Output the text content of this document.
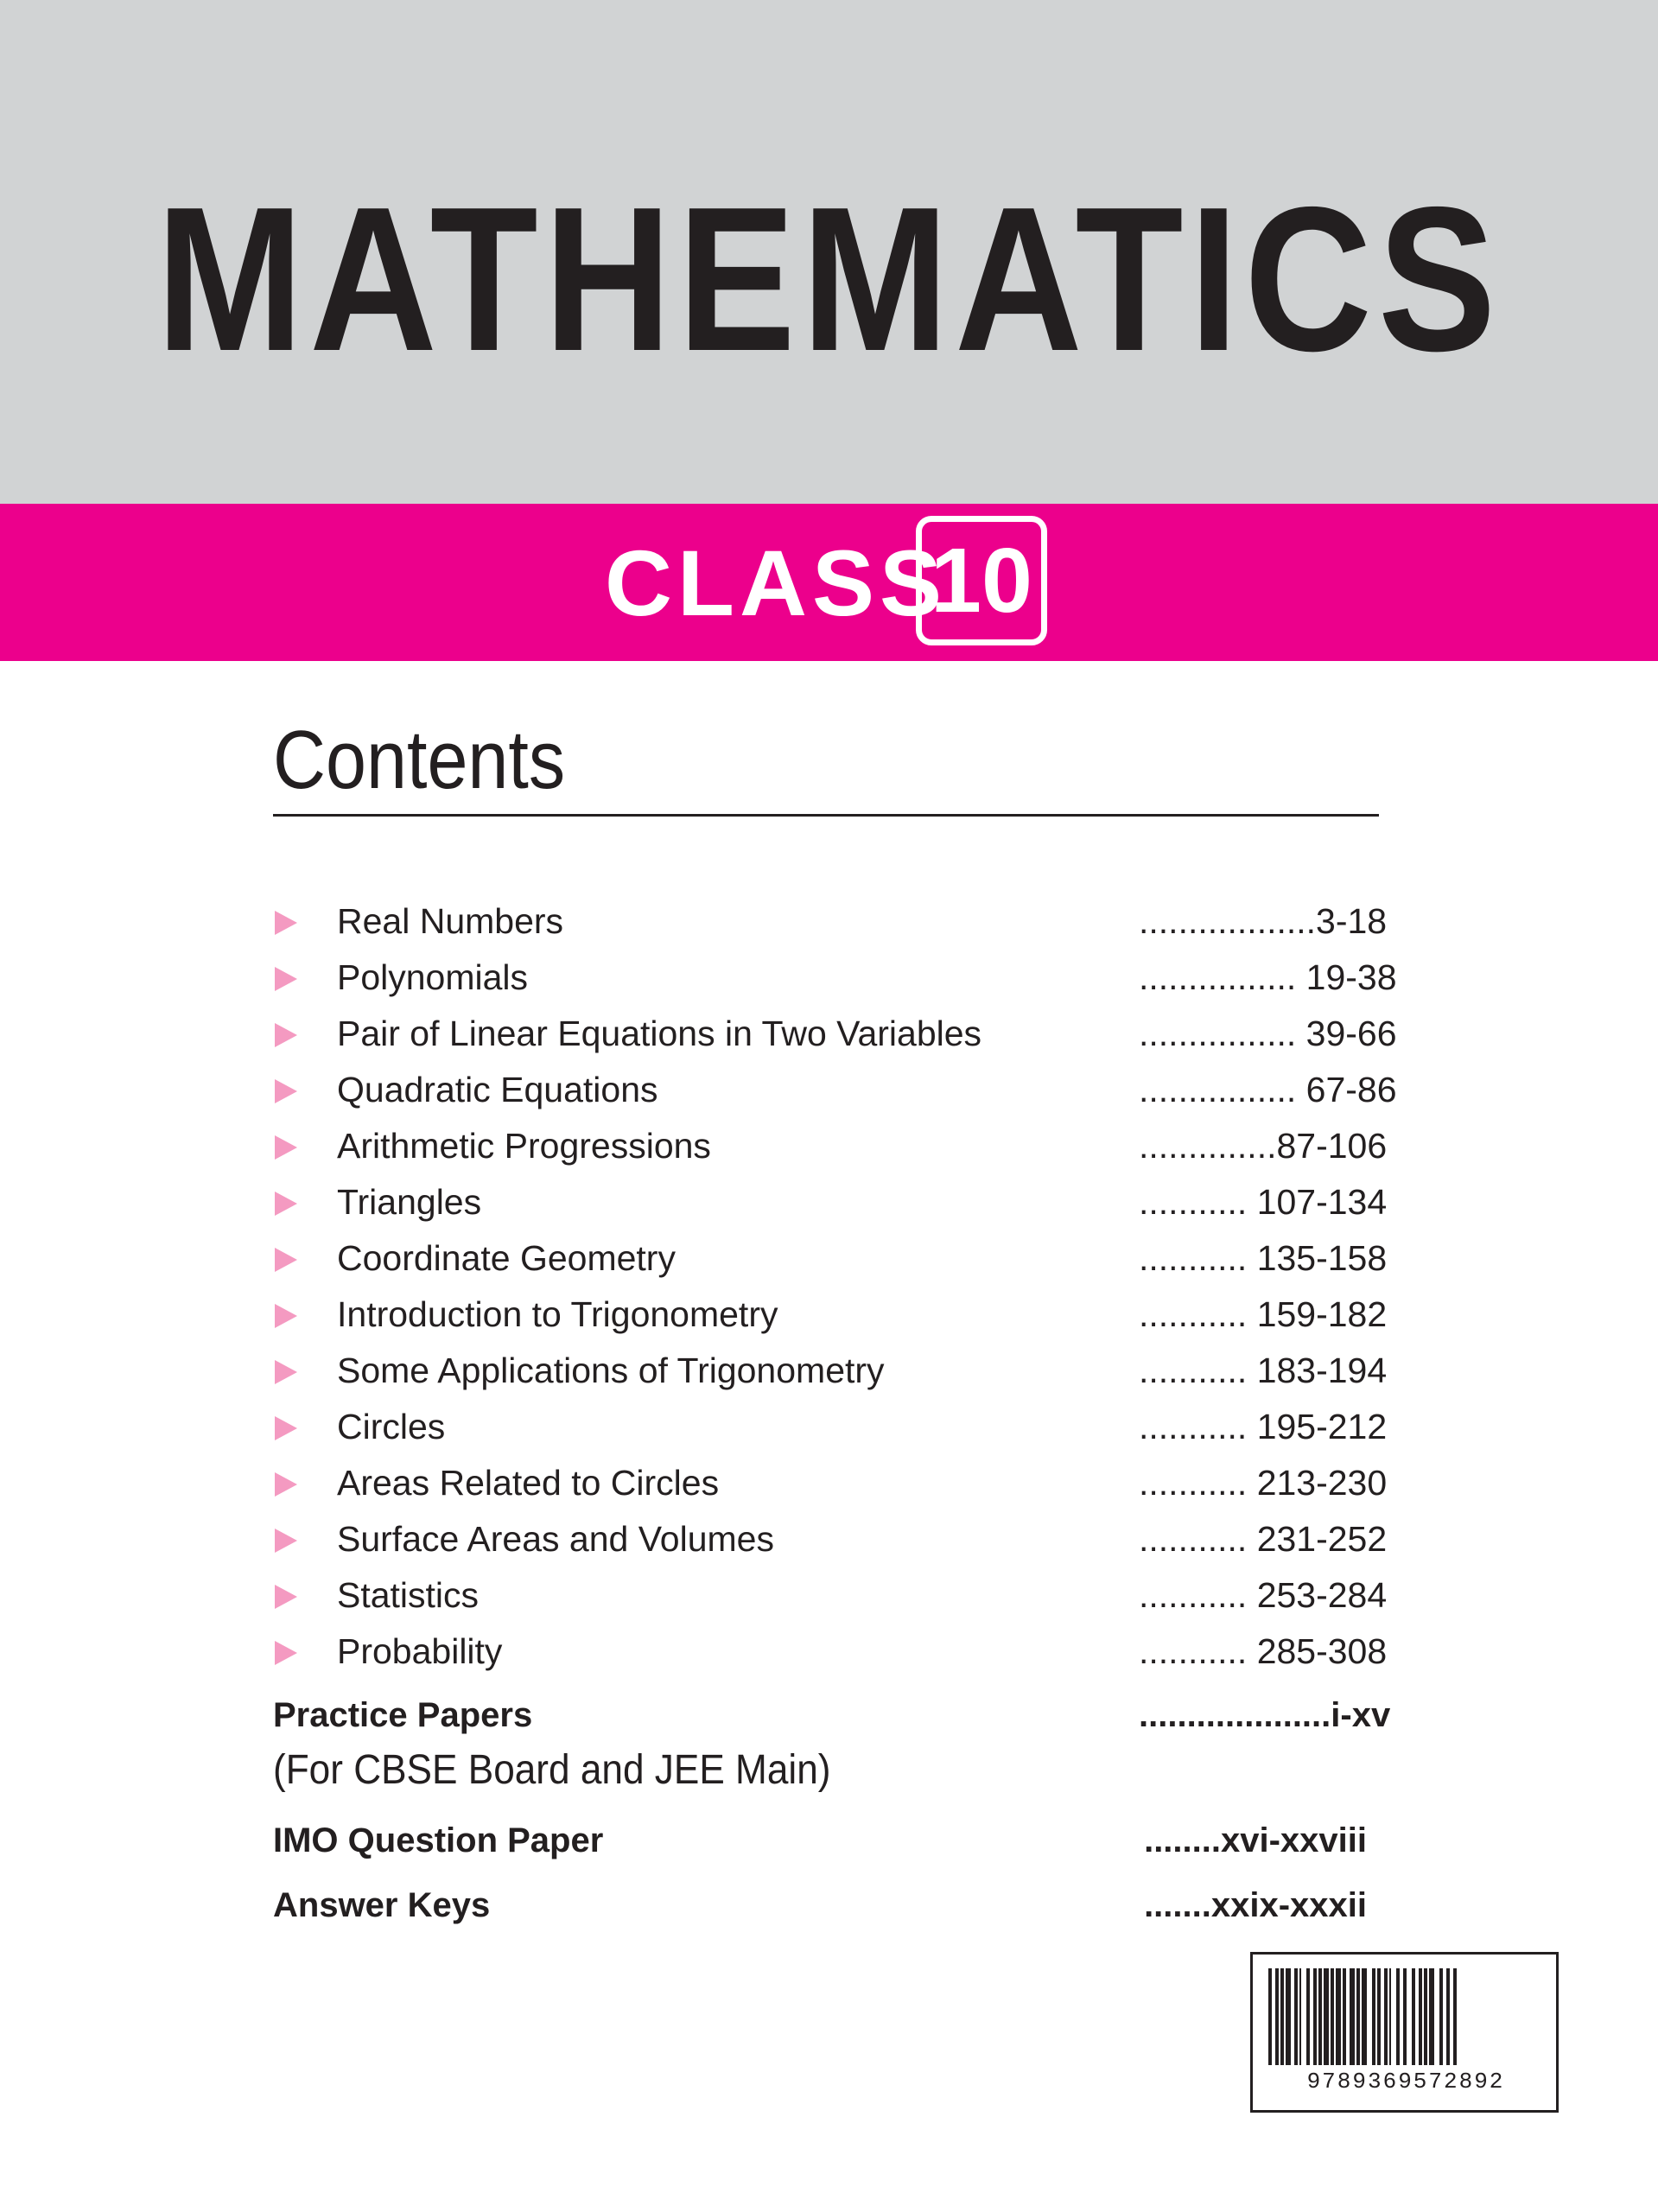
MATHEMATICS
CLASS
10
Contents
Real Numbers	..................3-18
Polynomials	................ 19-38
Pair of Linear Equations in Two Variables	................ 39-66
Quadratic Equations	................ 67-86
Arithmetic Progressions	..............87-106
Triangles	........... 107-134
Coordinate Geometry	........... 135-158
Introduction to Trigonometry	........... 159-182
Some Applications of Trigonometry	........... 183-194
Circles	........... 195-212
Areas Related to Circles	........... 213-230
Surface Areas and Volumes	........... 231-252
Statistics	........... 253-284
Probability	........... 285-308
Practice Papers	....................i-xv
(For CBSE Board and JEE Main)
IMO Question Paper	........xvi-xxviii
Answer Keys	.......xxix-xxxii
9789369572892
